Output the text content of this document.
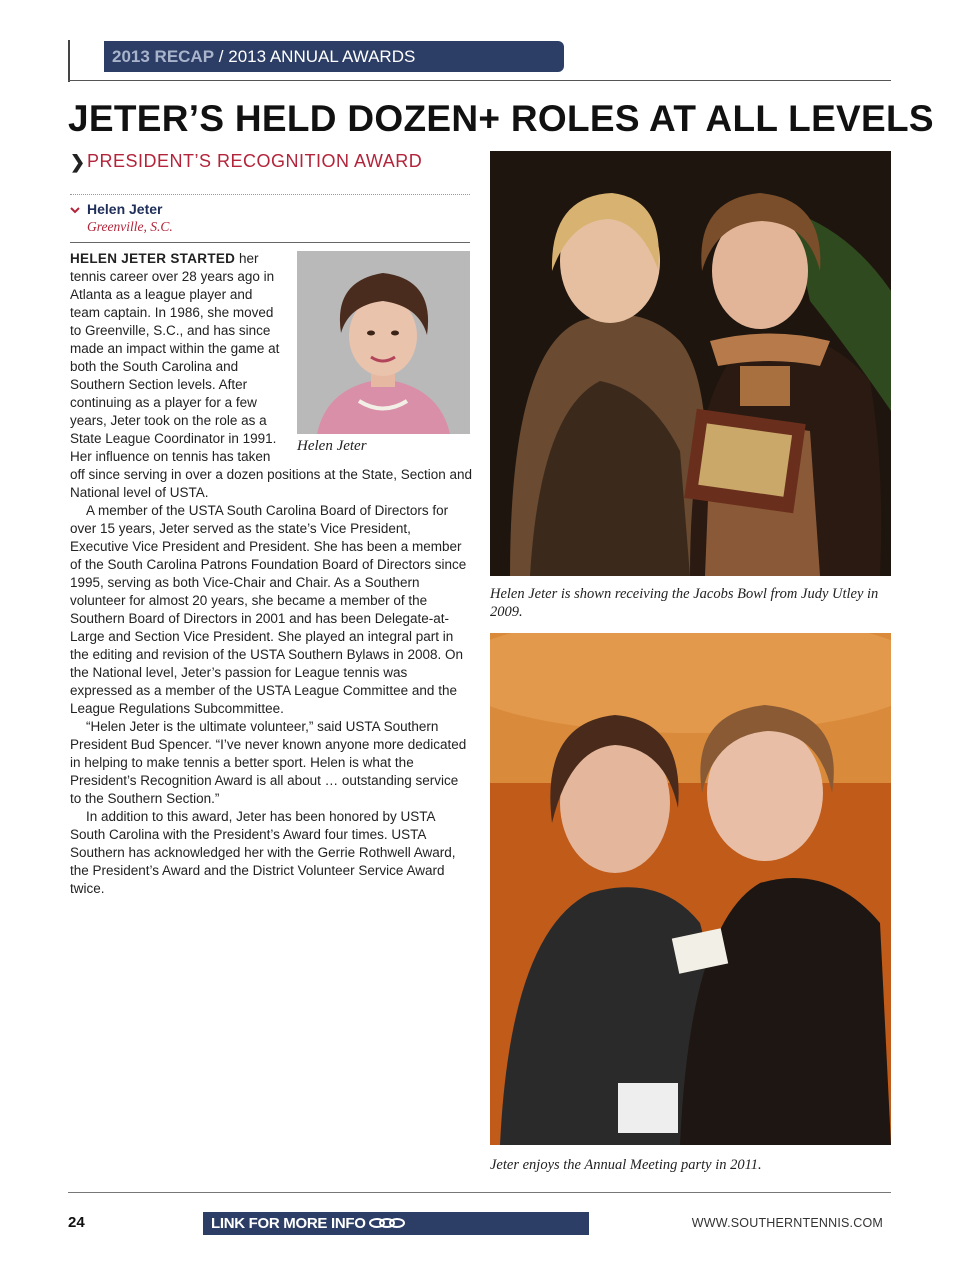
2013 RECAP / 2013 ANNUAL AWARDS
JETER’S HELD DOZEN+ ROLES AT ALL LEVELS
❯ PRESIDENT’S RECOGNITION AWARD
Helen Jeter
Greenville, S.C.

HELEN JETER STARTED her tennis career over 28 years ago in Atlanta as a league player and team captain. In 1986, she moved to Greenville, S.C., and has since made an impact within the game at both the South Carolina and Southern Section levels. After continuing as a player for a few years, Jeter took on the role as a State League Coordinator in 1991. Her influence on tennis has taken off since serving in over a dozen positions at the State, Section and National level of USTA.

A member of the USTA South Carolina Board of Directors for over 15 years, Jeter served as the state’s Vice President, Executive Vice President and President. She has been a member of the South Carolina Patrons Foundation Board of Directors since 1995, serving as both Vice-Chair and Chair. As a Southern volunteer for almost 20 years, she became a member of the Southern Board of Directors in 2001 and has been Delegate-at-Large and Section Vice President. She played an integral part in the editing and revision of the USTA Southern Bylaws in 2008. On the National level, Jeter’s passion for League tennis was expressed as a member of the USTA League Committee and the League Regulations Subcommittee.

“Helen Jeter is the ultimate volunteer,” said USTA Southern President Bud Spencer. “I’ve never known anyone more dedicated in helping to make tennis a better sport. Helen is what the President’s Recognition Award is all about … outstanding service to the Southern Section.”

In addition to this award, Jeter has been honored by USTA South Carolina with the President’s Award four times. USTA Southern has acknowledged her with the Gerrie Rothwell Award, the President’s Award and the District Volunteer Service Award twice.

Helen Jeter
Helen Jeter is shown receiving the Jacobs Bowl from Judy Utley in 2009.
Jeter enjoys the Annual Meeting party in 2011.
24	LINK FOR MORE INFO	WWW.SOUTHERNTENNIS.COM
